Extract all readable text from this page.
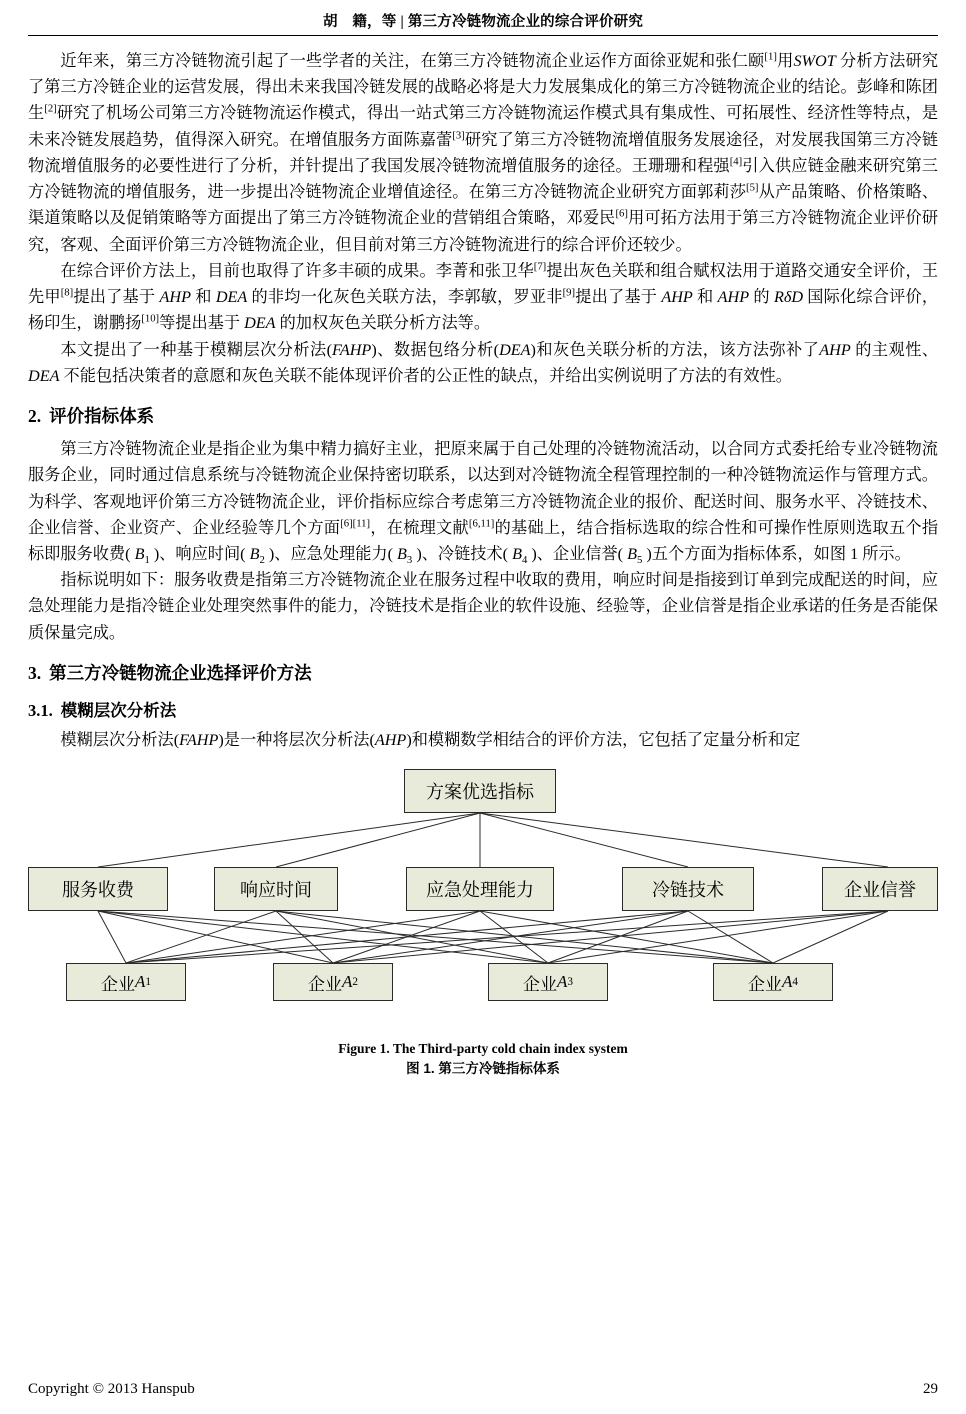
胡　籍，等 | 第三方冷链物流企业的综合评价研究

近年来，第三方冷链物流引起了一些学者的关注，在第三方冷链物流企业运作方面徐亚妮和张仁颐[1]用SWOT 分析方法研究了第三方冷链企业的运营发展，得出未来我国冷链发展的战略必将是大力发展集成化的第三方冷链物流企业的结论。彭峰和陈团生[2]研究了机场公司第三方冷链物流运作模式，得出一站式第三方冷链物流运作模式具有集成性、可拓展性、经济性等特点，是未来冷链发展趋势，值得深入研究。在增值服务方面陈嘉蕾[3]研究了第三方冷链物流增值服务发展途径，对发展我国第三方冷链物流增值服务的必要性进行了分析，并针提出了我国发展冷链物流增值服务的途径。王珊珊和程强[4]引入供应链金融来研究第三方冷链物流的增值服务，进一步提出冷链物流企业增值途径。在第三方冷链物流企业研究方面郭莉莎[5]从产品策略、价格策略、渠道策略以及促销策略等方面提出了第三方冷链物流企业的营销组合策略，邓爱民[6]用可拓方法用于第三方冷链物流企业评价研究，客观、全面评价第三方冷链物流企业，但目前对第三方冷链物流进行的综合评价还较少。

在综合评价方法上，目前也取得了许多丰硕的成果。李菁和张卫华[7]提出灰色关联和组合赋权法用于道路交通安全评价，王先甲[8]提出了基于 AHP 和 DEA 的非均一化灰色关联方法，李郭敏，罗亚非[9]提出了基于 AHP 和 AHP 的 RδD 国际化综合评价，杨印生，谢鹏扬[10]等提出基于 DEA 的加权灰色关联分析方法等。

本文提出了一种基于模糊层次分析法(FAHP)、数据包络分析(DEA)和灰色关联分析的方法，该方法弥补了AHP 的主观性、DEA 不能包括决策者的意愿和灰色关联不能体现评价者的公正性的缺点，并给出实例说明了方法的有效性。

2. 评价指标体系

第三方冷链物流企业是指企业为集中精力搞好主业，把原来属于自己处理的冷链物流活动，以合同方式委托给专业冷链物流服务企业，同时通过信息系统与冷链物流企业保持密切联系，以达到对冷链物流全程管理控制的一种冷链物流运作与管理方式。为科学、客观地评价第三方冷链物流企业，评价指标应综合考虑第三方冷链物流企业的报价、配送时间、服务水平、冷链技术、企业信誉、企业资产、企业经验等几个方面[6][11]，在梳理文献[6,11]的基础上，结合指标选取的综合性和可操作性原则选取五个指标即服务收费( $B_1$ )、响应时间( $B_2$ )、应急处理能力( $B_3$ )、冷链技术( $B_4$ )、企业信誉( $B_5$ )五个方面为指标体系，如图 1 所示。

指标说明如下：服务收费是指第三方冷链物流企业在服务过程中收取的费用，响应时间是指接到订单到完成配送的时间，应急处理能力是指冷链企业处理突然事件的能力，冷链技术是指企业的软件设施、经验等，企业信誉是指企业承诺的任务是否能保质保量完成。

3. 第三方冷链物流企业选择评价方法
3.1. 模糊层次分析法

模糊层次分析法(FAHP)是一种将层次分析法(AHP)和模糊数学相结合的评价方法，它包括了定量分析和定

方案优选指标
服务收费	响应时间	应急处理能力	冷链技术	企业信誉
企业 A 1	企业 A 2	企业 A 3	企业 A 4
Figure 1. The Third-party cold chain index system
图 1. 第三方冷链指标体系
Copyright © 2013 Hanspub	29
